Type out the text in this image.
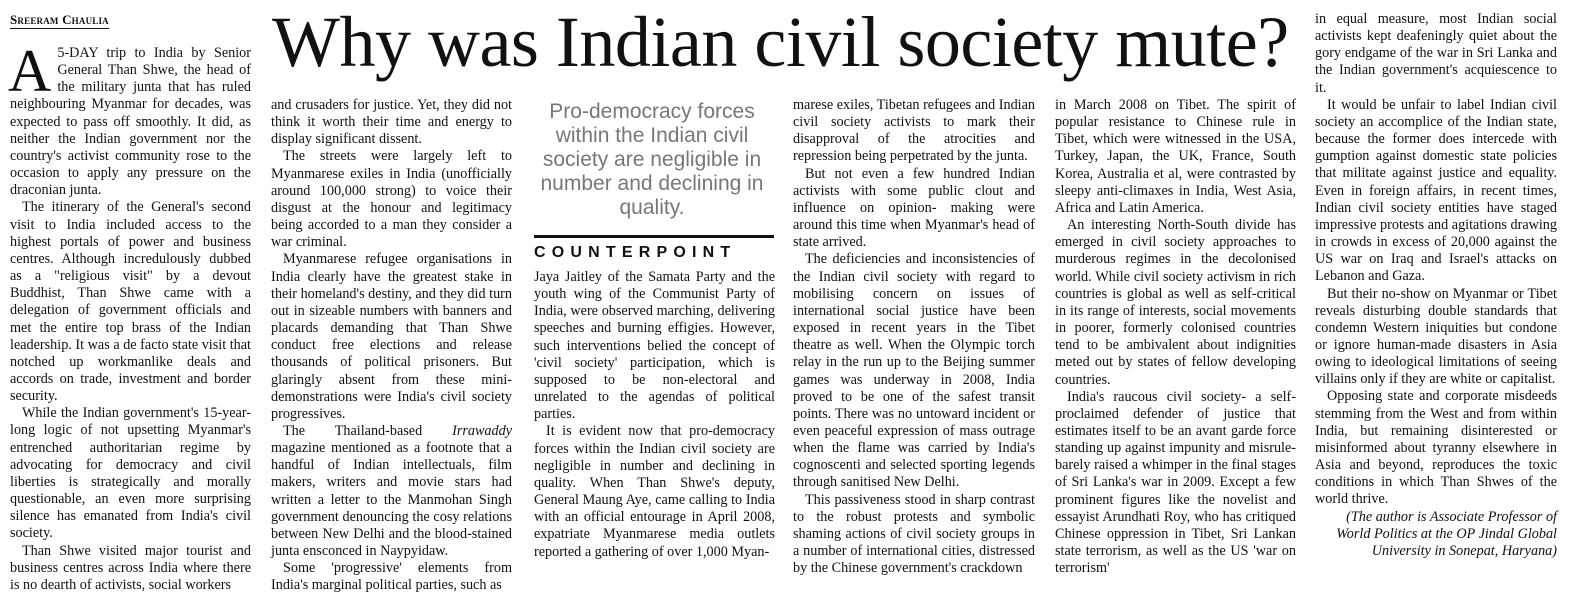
Sreeram Chaulia Why was Indian civil society mute?

A 5-DAY trip to India by Senior General Than Shwe, the head of the military junta that has ruled neighbouring Myanmar for decades, was expected to pass off smoothly. It did, as neither the Indian government nor the country's activist community rose to the occasion to apply any pressure on the draconian junta.

The itinerary of the General's second visit to India included access to the highest portals of power and business centres. Although incredulously dubbed as a "religious visit" by a devout Buddhist, Than Shwe came with a delegation of government officials and met the entire top brass of the Indian leadership. It was a de facto state visit that notched up workmanlike deals and accords on trade, investment and border security.

While the Indian government's 15-year-long logic of not upsetting Myanmar's entrenched authoritarian regime by advocating for democracy and civil liberties is strategically and morally questionable, an even more surprising silence has emanated from India's civil society.

Than Shwe visited major tourist and business centres across India where there is no dearth of activists, social workers

and crusaders for justice. Yet, they did not think it worth their time and energy to display significant dissent.

The streets were largely left to Myanmarese exiles in India (unofficially around 100,000 strong) to voice their disgust at the honour and legitimacy being accorded to a man they consider a war criminal.

Myanmarese refugee organisations in India clearly have the greatest stake in their homeland's destiny, and they did turn out in sizeable numbers with banners and placards demanding that Than Shwe conduct free elections and release thousands of political prisoners. But glaringly absent from these mini-demonstrations were India's civil society progressives.

The Thailand-based Irrawaddy magazine mentioned as a footnote that a handful of Indian intellectuals, film makers, writers and movie stars had written a letter to the Manmohan Singh government denouncing the cosy relations between New Delhi and the blood-stained junta ensconced in Naypyidaw.

Some 'progressive' elements from India's marginal political parties, such as

Pro-democracy forces within the Indian civil society are negligible in number and declining in quality.
COUNTERPOINT

Jaya Jaitley of the Samata Party and the youth wing of the Communist Party of India, were observed marching, delivering speeches and burning effigies. However, such interventions belied the concept of 'civil society' participation, which is supposed to be non-electoral and unrelated to the agendas of political parties.

It is evident now that pro-democracy forces within the Indian civil society are negligible in number and declining in quality. When Than Shwe's deputy, General Maung Aye, came calling to India with an official entourage in April 2008, expatriate Myanmarese media outlets reported a gathering of over 1,000 Myan-

marese exiles, Tibetan refugees and Indian civil society activists to mark their disapproval of the atrocities and repression being perpetrated by the junta.

But not even a few hundred Indian activists with some public clout and influence on opinion- making were around this time when Myanmar's head of state arrived.

The deficiencies and inconsistencies of the Indian civil society with regard to mobilising concern on issues of international social justice have been exposed in recent years in the Tibet theatre as well. When the Olympic torch relay in the run up to the Beijing summer games was underway in 2008, India proved to be one of the safest transit points. There was no untoward incident or even peaceful expression of mass outrage when the flame was carried by India's cognoscenti and selected sporting legends through sanitised New Delhi.

This passiveness stood in sharp contrast to the robust protests and symbolic shaming actions of civil society groups in a number of international cities, distressed by the Chinese government's crackdown

in March 2008 on Tibet. The spirit of popular resistance to Chinese rule in Tibet, which were witnessed in the USA, Turkey, Japan, the UK, France, South Korea, Australia et al, were contrasted by sleepy anti-climaxes in India, West Asia, Africa and Latin America.

An interesting North-South divide has emerged in civil society approaches to murderous regimes in the decolonised world. While civil society activism in rich countries is global as well as self-critical in its range of interests, social movements in poorer, formerly colonised countries tend to be ambivalent about indignities meted out by states of fellow developing countries.

India's raucous civil society- a self-proclaimed defender of justice that estimates itself to be an avant garde force standing up against impunity and misrule- barely raised a whimper in the final stages of Sri Lanka's war in 2009. Except a few prominent figures like the novelist and essayist Arundhati Roy, who has critiqued Chinese oppression in Tibet, Sri Lankan state terrorism, as well as the US 'war on terrorism'

in equal measure, most Indian social activists kept deafeningly quiet about the gory endgame of the war in Sri Lanka and the Indian government's acquiescence to it.

It would be unfair to label Indian civil society an accomplice of the Indian state, because the former does intercede with gumption against domestic state policies that militate against justice and equality. Even in foreign affairs, in recent times, Indian civil society entities have staged impressive protests and agitations drawing in crowds in excess of 20,000 against the US war on Iraq and Israel's attacks on Lebanon and Gaza.

But their no-show on Myanmar or Tibet reveals disturbing double standards that condemn Western iniquities but condone or ignore human-made disasters in Asia owing to ideological limitations of seeing villains only if they are white or capitalist.

Opposing state and corporate misdeeds stemming from the West and from within India, but remaining disinterested or misinformed about tyranny elsewhere in Asia and beyond, reproduces the toxic conditions in which Than Shwes of the world thrive.

(The author is Associate Professor of World Politics at the OP Jindal Global University in Sonepat, Haryana)
